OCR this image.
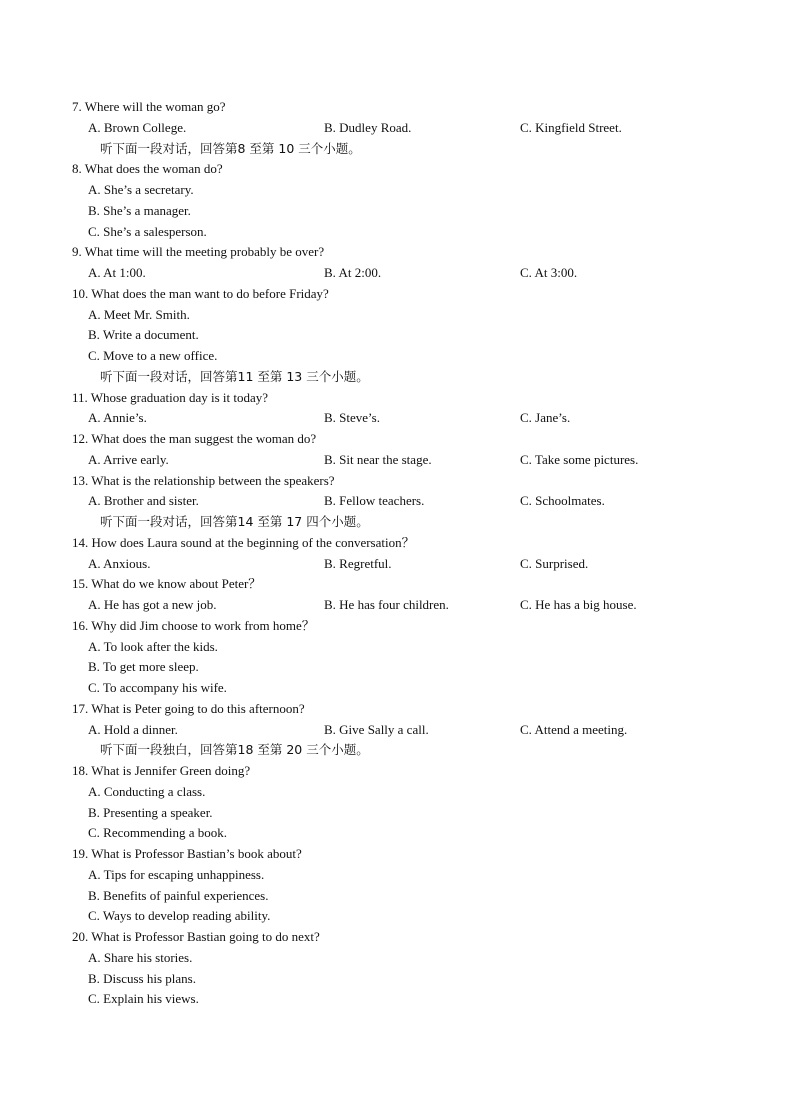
7. Where will the woman go?
A. Brown College.	B. Dudley Road.	C. Kingfield Street.
听下面一段对话，回答第8 至第 10 三个小题。
8. What does the woman do?
A. She’s a secretary.
B. She’s a manager.
C. She’s a salesperson.
9. What time will the meeting probably be over?
A. At 1:00.	B. At 2:00.	C. At 3:00.
10. What does the man want to do before Friday?
A. Meet Mr. Smith.
B. Write a document.
C. Move to a new office.
听下面一段对话，回答第11 至第 13 三个小题。
11. Whose graduation day is it today?
A. Annie’s.	B. Steve’s.	C. Jane’s.
12. What does the man suggest the woman do?
A. Arrive early.	B. Sit near the stage.	C. Take some pictures.
13. What is the relationship between the speakers?
A. Brother and sister.	B. Fellow teachers.	C. Schoolmates.
听下面一段对话，回答第14 至第 17 四个小题。
14. How does Laura sound at the beginning of the conversation？
A. Anxious.	B. Regretful.	C. Surprised.
15. What do we know about Peter？
A. He has got a new job.	B. He has four children.	C. He has a big house.
16. Why did Jim choose to work from home？
A. To look after the kids.
B. To get more sleep.
C. To accompany his wife.
17. What is Peter going to do this afternoon?
A. Hold a dinner.	B. Give Sally a call.	C. Attend a meeting.
听下面一段独白，回答第18 至第 20 三个小题。
18. What is Jennifer Green doing?
A. Conducting a class.
B. Presenting a speaker.
C. Recommending a book.
19. What is Professor Bastian’s book about?
A. Tips for escaping unhappiness.
B. Benefits of painful experiences.
C. Ways to develop reading ability.
20. What is Professor Bastian going to do next?
A. Share his stories.
B. Discuss his plans.
C. Explain his views.
